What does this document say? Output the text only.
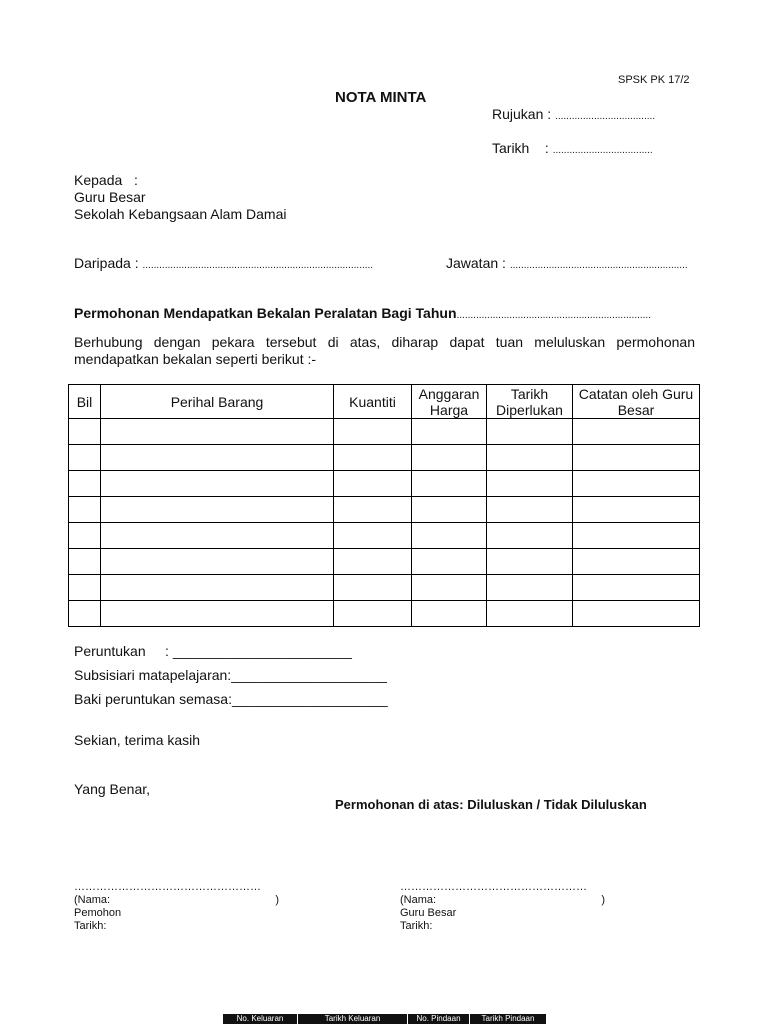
SPSK PK 17/2
NOTA MINTA
Rujukan : ....................................
Tarikh    : ....................................
Kepada   :
Guru Besar
Sekolah Kebangsaan Alam Damai
Daripada : ...................................................................................	Jawatan : ................................................................
Permohonan Mendapatkan Bekalan Peralatan Bagi Tahun......................................................................
Berhubung dengan pekara tersebut di atas, diharap dapat tuan meluluskan permohonan mendapatkan bekalan seperti berikut :-
Bil	Perihal Barang	Kuantiti	Anggaran Harga	Tarikh Diperlukan	Catatan oleh Guru Besar

Peruntukan     : _______________________
Subsisiari matapelajaran:____________________
Baki peruntukan semasa:____________________
Sekian, terima kasih
Yang Benar,
Permohonan di atas: Diluluskan / Tidak Diluluskan
……………………………………………
(Nama:	)
Pemohon
Tarikh:
……………………………………………
(Nama:	)
Guru Besar
Tarikh:
No. Keluaran	Tarikh Keluaran	No. Pindaan	Tarikh Pindaan
